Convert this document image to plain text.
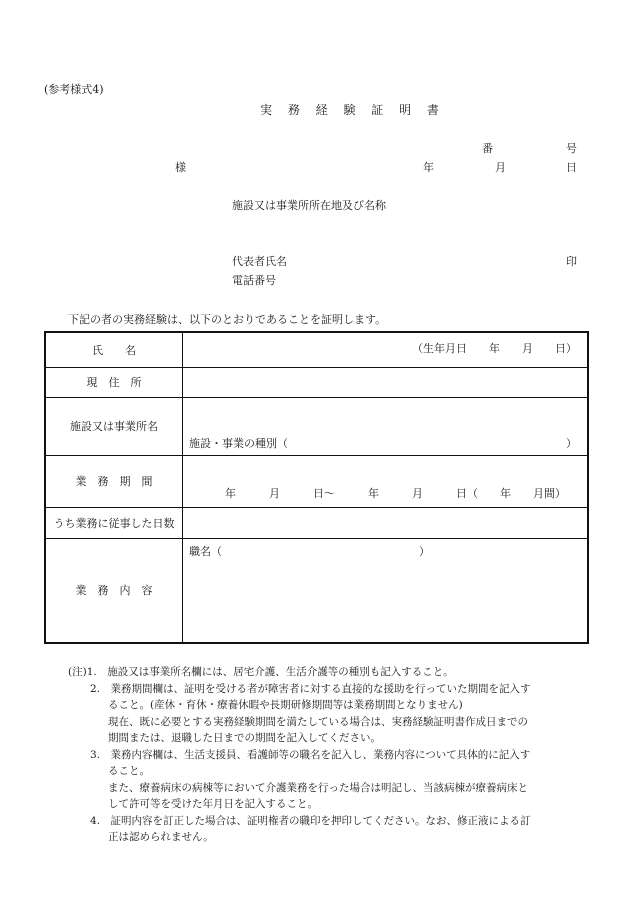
(参考様式4)
実 務 経 験 証 明 書
番	号
様	年	月	日
施設又は事業所所在地及び名称
代表者氏名	印
電話番号
下記の者の実務経験は、以下のとおりであることを証明します。
氏　　名	（生年月日　　年　　月　　日）

現　住　所	
施設又は事業所名	施設・事業の種別（ ）

業　務　期　間	年　　　月　　　日～　　　年　　　月　　　日（　　年　　月間）

うち業務に従事した日数	
業　務　内　容	職名（ ）
(注)1.　施設又は事業所名欄には、居宅介護、生活介護等の種別も記入すること。
2.　業務期間欄は、証明を受ける者が障害者に対する直接的な援助を行っていた期間を記入す
ること。(産休・育休・療養休暇や長期研修期間等は業務期間となりません)
現在、既に必要とする実務経験期間を満たしている場合は、実務経験証明書作成日までの
期間または、退職した日までの期間を記入してください。
3.　業務内容欄は、生活支援員、看護師等の職名を記入し、業務内容について具体的に記入す
ること。
また、療養病床の病棟等において介護業務を行った場合は明記し、当該病棟が療養病床と
して許可等を受けた年月日を記入すること。
4.　証明内容を訂正した場合は、証明権者の職印を押印してください。なお、修正液による訂
正は認められません。
